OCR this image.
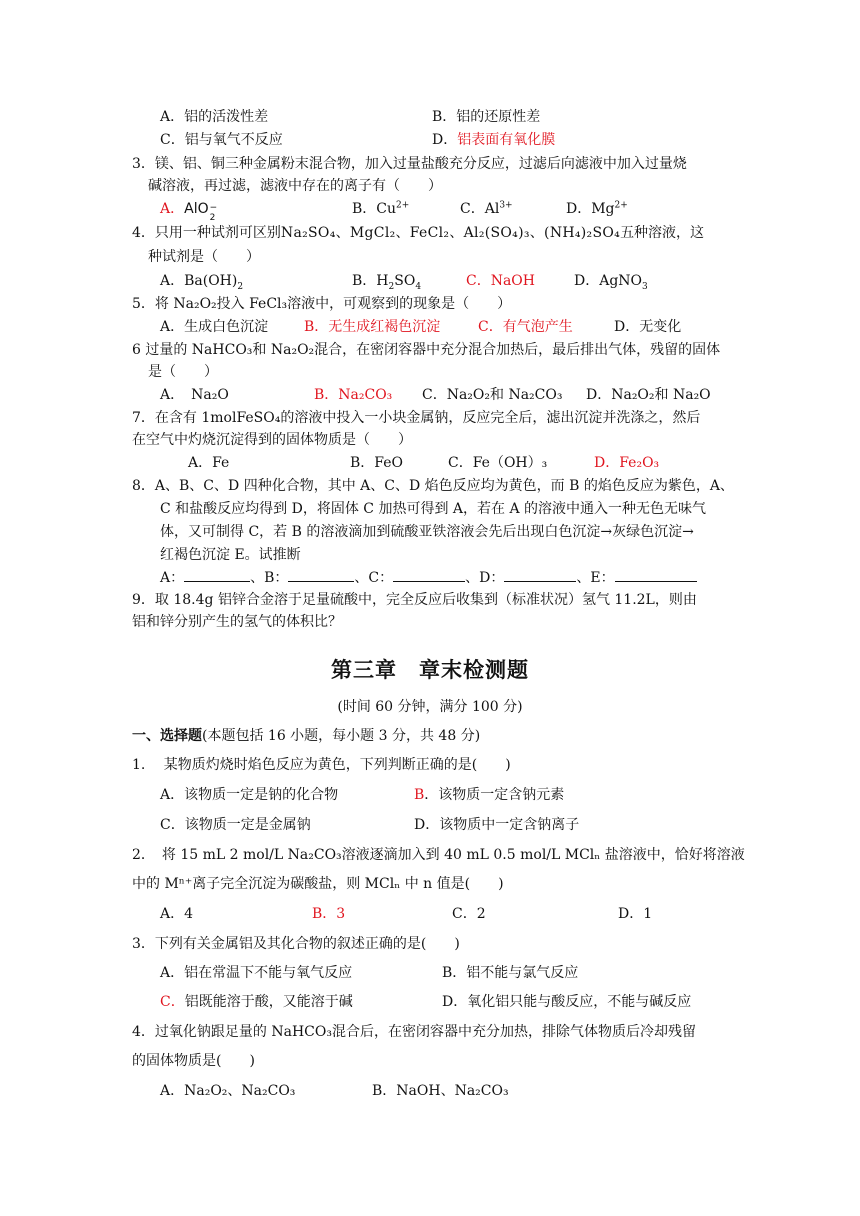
A．铝的活泼性差	B．铝的还原性差
C．铝与氧气不反应	D．铝表面有氧化膜
3．镁、铝、铜三种金属粉末混合物，加入过量盐酸充分反应，过滤后向滤液中加入过量烧
碱溶液，再过滤，滤液中存在的离子有（　　）
A．AlO −
2
B．$Cu^{2+}$	C．$Al^{3+}$	D．$Mg^{2+}$
4．只用一种试剂可区别Na₂SO₄、MgCl₂、FeCl₂、Al₂(SO₄)₃、(NH₄)₂SO₄五种溶液，这
种试剂是（　　）
A．$Ba(OH)_2$	B．$H_2SO_4$	C．NaOH	D．AgNO$_3$
5．将 Na₂O₂投入 FeCl₃溶液中，可观察到的现象是（　　）
A．生成白色沉淀	B．无生成红褐色沉淀	C．有气泡产生	D．无变化
6 过量的 NaHCO₃和 Na₂O₂混合，在密闭容器中充分混合加热后，最后排出气体，残留的固体
是（　　）
A．　Na₂O	B．Na₂CO₃ C．Na₂O₂和 Na₂CO₃ D．Na₂O₂和 Na₂O
7．在含有 1molFeSO₄的溶液中投入一小块金属钠，反应完全后，滤出沉淀并洗涤之，然后
在空气中灼烧沉淀得到的固体物质是（　　）
A．Fe	B．FeO	C．Fe（OH）₃	D．Fe₂O₃
8．A、B、C、D 四种化合物，其中 A、C、D 焰色反应均为黄色，而 B 的焰色反应为紫色，A、
C 和盐酸反应均得到 D，将固体 C 加热可得到 A，若在 A 的溶液中通入一种无色无味气
体，又可制得 C，若 B 的溶液滴加到硫酸亚铁溶液会先后出现白色沉淀→灰绿色沉淀→
红褐色沉淀 E。试推断
A：	、B：	、C：	、D：	、E：
9．取 18.4g 铝锌合金溶于足量硫酸中，完全反应后收集到（标准状况）氢气 11.2L，则由
铝和锌分别产生的氢气的体积比？
第三章　章末检测题
(时间 60 分钟，满分 100 分)
一、选择题(本题包括 16 小题，每小题 3 分，共 48 分)
1.　 某物质灼烧时焰色反应为黄色，下列判断正确的是(　　)
A．该物质一定是钠的化合物	B．该物质一定含钠元素
C．该物质一定是金属钠	D．该物质中一定含钠离子
2．　将 15 mL 2 mol/L Na₂CO₃溶液逐滴加入到 40 mL 0.5 mol/L MClₙ 盐溶液中，恰好将溶液
中的 Mⁿ⁺离子完全沉淀为碳酸盐，则 MClₙ 中 n 值是(　　)
A．4	B．3	C．2	D．1
3．下列有关金属铝及其化合物的叙述正确的是(　　)
A．铝在常温下不能与氧气反应	B．铝不能与氯气反应
C．铝既能溶于酸，又能溶于碱	D．氧化铝只能与酸反应，不能与碱反应
4．过氧化钠跟足量的 NaHCO₃混合后，在密闭容器中充分加热，排除气体物质后冷却残留
的固体物质是(　　)
A．Na₂O₂、Na₂CO₃	B．NaOH、Na₂CO₃
